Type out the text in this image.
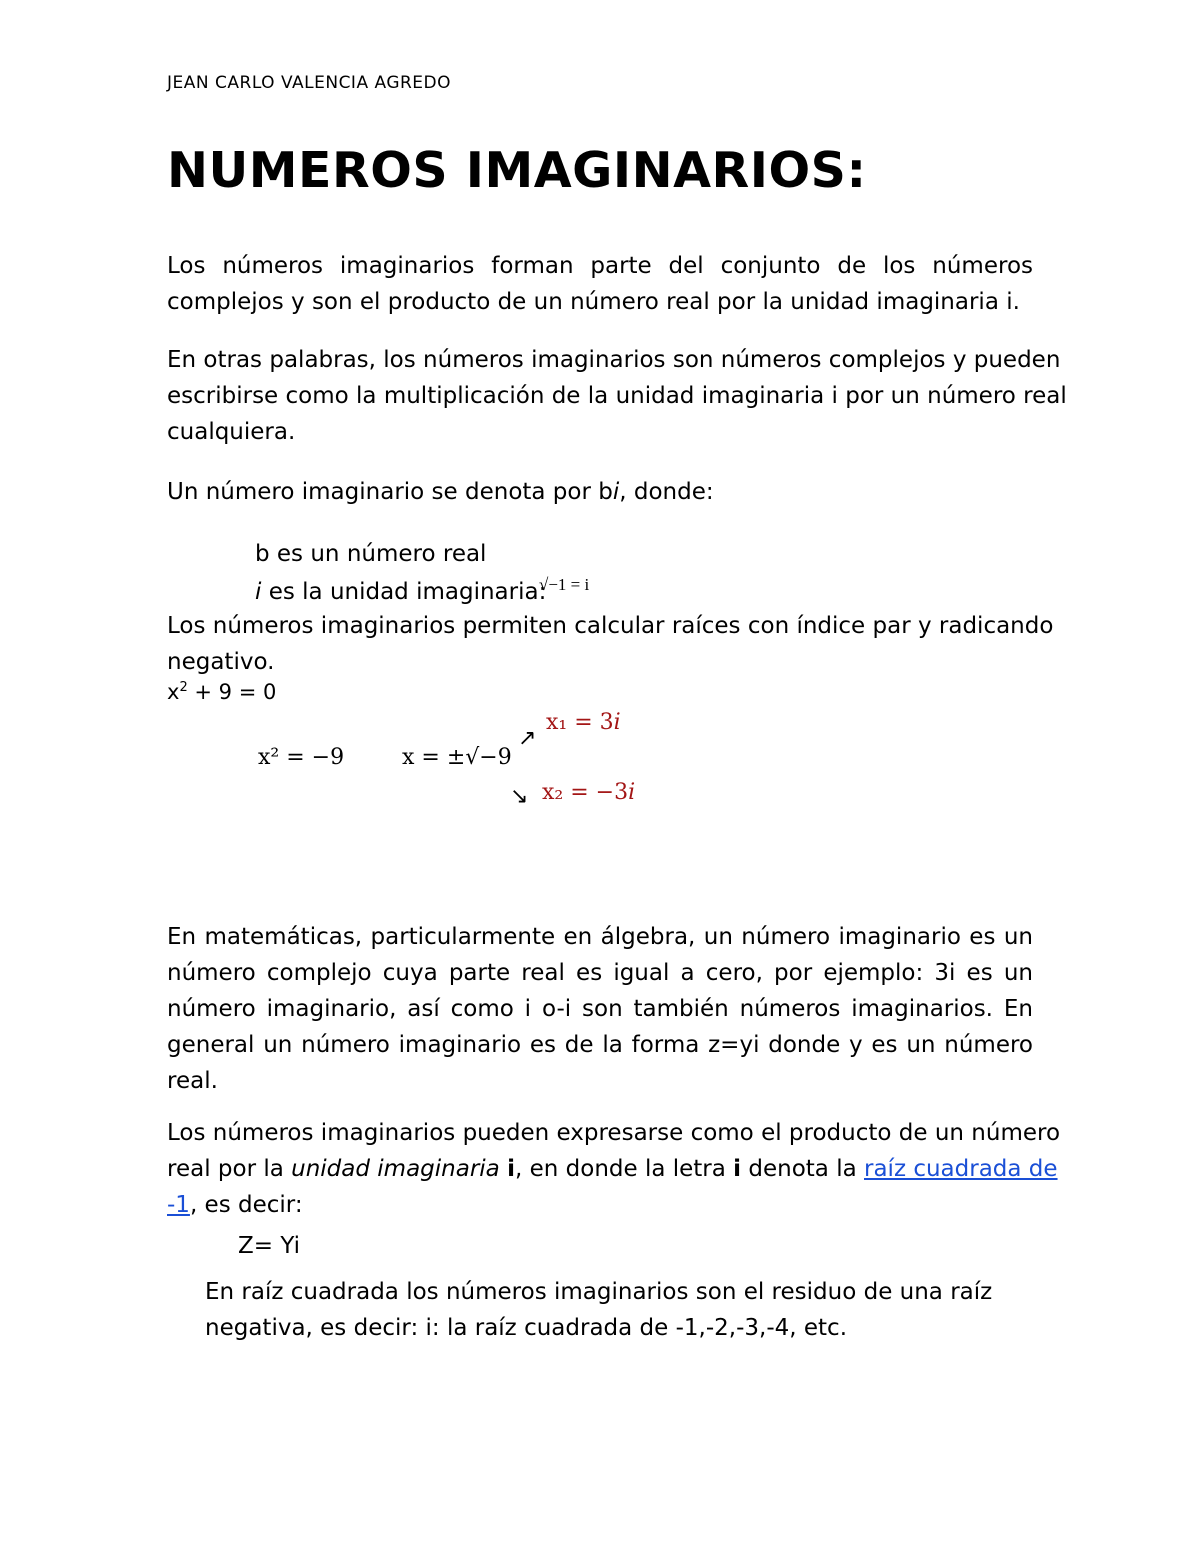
JEAN CARLO VALENCIA AGREDO
NUMEROS IMAGINARIOS:
Los números imaginarios forman parte del conjunto de los números
complejos y son el producto de un número real por la unidad imaginaria i.
En otras palabras, los números imaginarios son números complejos y pueden
escribirse como la multiplicación de la unidad imaginaria i por un número real
cualquiera.
Un número imaginario se denota por bi, donde:
b es un número real
i es la unidad imaginaria:
√−1 = i
Los números imaginarios permiten calcular raíces con índice par y radicando
negativo.
$x^2 + 9 = 0$
x² = −9	x = ±√−9
↗
↘
x₁ = 3i
x₂ = −3i
En matemáticas, particularmente en álgebra, un número imaginario es un
número complejo cuya parte real es igual a cero, por ejemplo: 3i es un
número imaginario, así como i o-i son también números imaginarios. En
general un número imaginario es de la forma z=yi donde y es un número
real.
Los números imaginarios pueden expresarse como el producto de un número
real por la unidad imaginaria i, en donde la letra i denota la raíz cuadrada de
-1, es decir:
Z= Yi
En raíz cuadrada los números imaginarios son el residuo de una raíz
negativa, es decir: i: la raíz cuadrada de -1,-2,-3,-4, etc.
